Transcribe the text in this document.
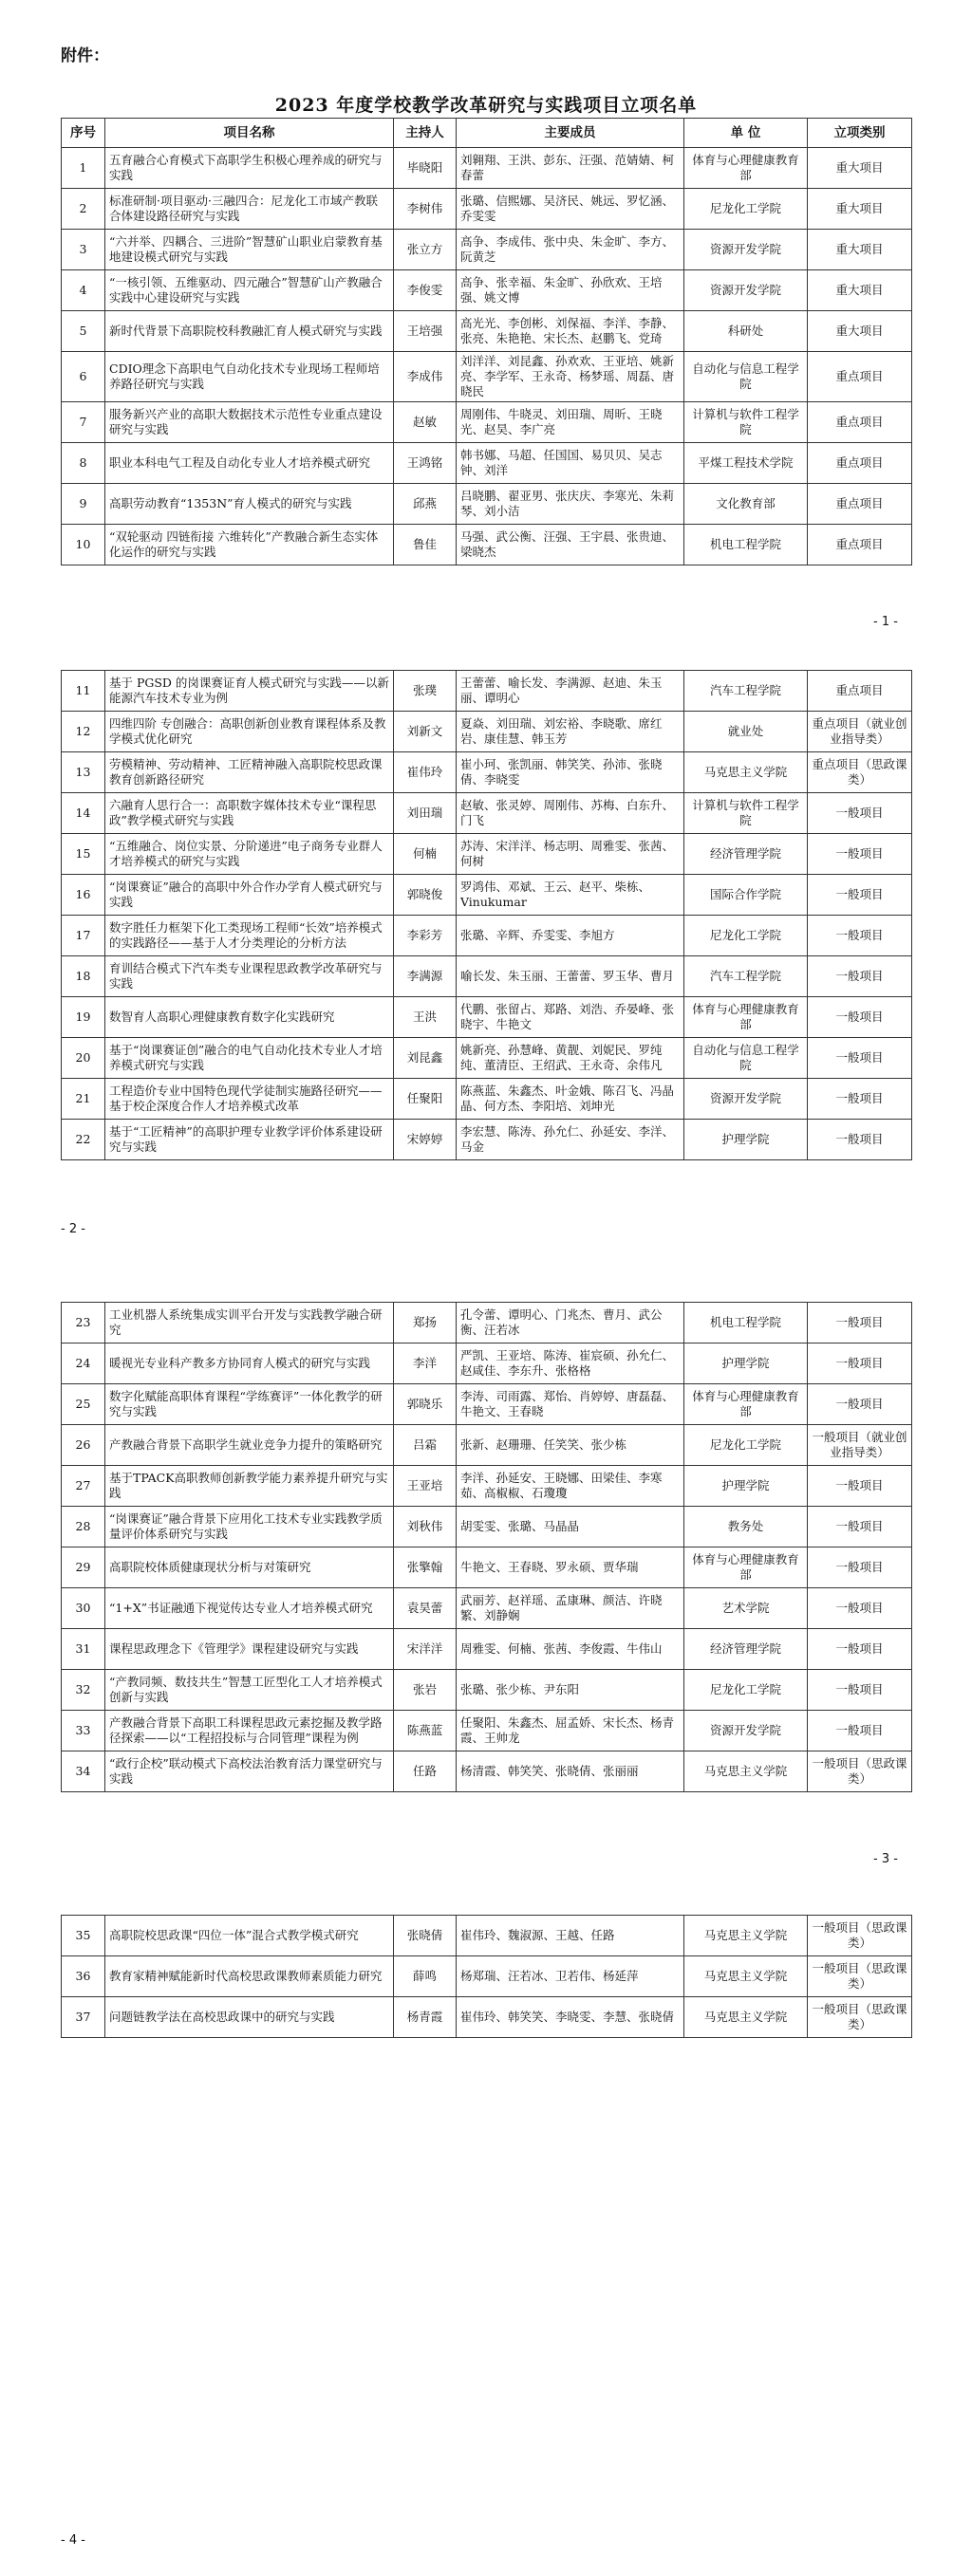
附件：
2023 年度学校教学改革研究与实践项目立项名单
序号	项目名称	主持人	主要成员	单 位	立项类别
1	五育融合心育模式下高职学生积极心理养成的研究与实践	毕晓阳	刘翱翔、王洪、彭东、汪强、范婧婧、柯春蕾	体育与心理健康教育部	重大项目
2	标准研制·项目驱动·三融四合：尼龙化工市域产教联合体建设路径研究与实践	李树伟	张璐、信熙娜、吴济民、姚远、罗忆涵、乔雯雯	尼龙化工学院	重大项目
3	“六并举、四耦合、三进阶”智慧矿山职业启蒙教育基地建设模式研究与实践	张立方	高争、李成伟、张中央、朱金旷、李方、阮黄芝	资源开发学院	重大项目
4	“一核引领、五维驱动、四元融合”智慧矿山产教融合实践中心建设研究与实践	李俊雯	高争、张幸福、朱金旷、孙欣欢、王培强、姚文博	资源开发学院	重大项目
5	新时代背景下高职院校科教融汇育人模式研究与实践	王培强	高光光、李创彬、刘保福、李洋、李静、张亮、朱艳艳、宋长杰、赵鹏飞、党琦	科研处	重大项目
6	CDIO理念下高职电气自动化技术专业现场工程师培养路径研究与实践	李成伟	刘洋洋、刘昆鑫、孙欢欢、王亚培、姚新亮、李学军、王永奇、杨梦瑶、周磊、唐晓民	自动化与信息工程学院	重点项目
7	服务新兴产业的高职大数据技术示范性专业重点建设研究与实践	赵敏	周刚伟、牛晓灵、刘田瑞、周昕、王晓光、赵昊、李广亮	计算机与软件工程学院	重点项目
8	职业本科电气工程及自动化专业人才培养模式研究	王鸿铭	韩书娜、马超、任国国、易贝贝、吴志钟、刘洋	平煤工程技术学院	重点项目
9	高职劳动教育“1353N”育人模式的研究与实践	邱燕	吕晓鹏、翟亚男、张庆庆、李寒光、朱莉琴、刘小洁	文化教育部	重点项目
10	“双轮驱动 四链衔接 六维转化”产教融合新生态实体化运作的研究与实践	鲁佳	马强、武公衡、汪强、王宇晨、张贵迪、梁晓杰	机电工程学院	重点项目
- 1 -
11	基于 PGSD 的岗课赛证育人模式研究与实践——以新能源汽车技术专业为例	张璞	王蕾蕾、喻长发、李满源、赵迪、朱玉丽、谭明心	汽车工程学院	重点项目
12	四维四阶 专创融合：高职创新创业教育课程体系及教学模式优化研究	刘新文	夏焱、刘田瑞、刘宏裕、李晓歌、席红岩、康佳慧、韩玉芳	就业处	重点项目（就业创业指导类）
13	劳模精神、劳动精神、工匠精神融入高职院校思政课教育创新路径研究	崔伟玲	崔小珂、张凯丽、韩笑笑、孙沛、张晓倩、李晓雯	马克思主义学院	重点项目（思政课类）
14	六融育人思行合一：高职数字媒体技术专业“课程思政”教学模式研究与实践	刘田瑞	赵敏、张灵婷、周刚伟、苏梅、白东升、门飞	计算机与软件工程学院	一般项目
15	“五维融合、岗位实景、分阶递进”电子商务专业群人才培养模式的研究与实践	何楠	苏涛、宋洋洋、杨志明、周雅雯、张茜、何树	经济管理学院	一般项目
16	“岗课赛证”融合的高职中外合作办学育人模式研究与实践	郭晓俊	罗鸿伟、邓斌、王云、赵平、柴栋、Vinukumar	国际合作学院	一般项目
17	数字胜任力框架下化工类现场工程师“长效”培养模式的实践路径——基于人才分类理论的分析方法	李彩芳	张璐、辛辉、乔雯雯、李旭方	尼龙化工学院	一般项目
18	育训结合模式下汽车类专业课程思政教学改革研究与实践	李满源	喻长发、朱玉丽、王蕾蕾、罗玉华、曹月	汽车工程学院	一般项目
19	数智育人高职心理健康教育数字化实践研究	王洪	代鹏、张留占、郑路、刘浩、乔晏峰、张晓宇、牛艳文	体育与心理健康教育部	一般项目
20	基于“岗课赛证创”融合的电气自动化技术专业人才培养模式研究与实践	刘昆鑫	姚新亮、孙慧峰、黄靓、刘妮民、罗纯纯、董清臣、王绍武、王永奇、余伟凡	自动化与信息工程学院	一般项目
21	工程造价专业中国特色现代学徒制实施路径研究——基于校企深度合作人才培养模式改革	任聚阳	陈燕蓝、朱鑫杰、叶金娥、陈召飞、冯晶晶、何方杰、李阳培、刘坤光	资源开发学院	一般项目
22	基于“工匠精神”的高职护理专业教学评价体系建设研究与实践	宋婷婷	李宏慧、陈涛、孙允仁、孙延安、李洋、马金	护理学院	一般项目
- 2 -
23	工业机器人系统集成实训平台开发与实践教学融合研究	郑扬	孔令蕾、谭明心、门兆杰、曹月、武公衡、汪若冰	机电工程学院	一般项目
24	暖视光专业科产教多方协同育人模式的研究与实践	李洋	严凯、王亚培、陈涛、崔宸硕、孙允仁、赵咸佳、李东升、张格格	护理学院	一般项目
25	数字化赋能高职体育课程“学练赛评”一体化教学的研究与实践	郭晓乐	李涛、司雨露、郑怡、肖婷婷、唐磊磊、牛艳文、王春晓	体育与心理健康教育部	一般项目
26	产教融合背景下高职学生就业竞争力提升的策略研究	吕霜	张新、赵珊珊、任笑笑、张少栋	尼龙化工学院	一般项目（就业创业指导类）
27	基于TPACK高职教师创新教学能力素养提升研究与实践	王亚培	李洋、孙延安、王晓娜、田梁佳、李寒茹、高椒椒、石瓊瓊	护理学院	一般项目
28	“岗课赛证”融合背景下应用化工技术专业实践教学质量评价体系研究与实践	刘秋伟	胡雯雯、张璐、马晶晶	教务处	一般项目
29	高职院校体质健康现状分析与对策研究	张擎翰	牛艳文、王春晓、罗永硕、贾华瑞	体育与心理健康教育部	一般项目
30	“1+X”书证融通下视觉传达专业人才培养模式研究	袁昊蕾	武丽芳、赵祥瑶、孟康琳、颜洁、许晓繁、刘静娴	艺术学院	一般项目
31	课程思政理念下《管理学》课程建设研究与实践	宋洋洋	周雅雯、何楠、张茜、李俊霞、牛伟山	经济管理学院	一般项目
32	“产教同频、数技共生”智慧工匠型化工人才培养模式创新与实践	张岩	张璐、张少栋、尹东阳	尼龙化工学院	一般项目
33	产教融合背景下高职工科课程思政元素挖掘及教学路径探索——以“工程招投标与合同管理”课程为例	陈燕蓝	任聚阳、朱鑫杰、屈孟娇、宋长杰、杨青霞、王帅龙	资源开发学院	一般项目
34	“政行企校”联动模式下高校法治教育活力课堂研究与实践	任路	杨清霞、韩笑笑、张晓倩、张丽丽	马克思主义学院	一般项目（思政课类）
- 3 -
35	高职院校思政课“四位一体”混合式教学模式研究	张晓倩	崔伟玲、魏淑源、王越、任路	马克思主义学院	一般项目（思政课类）
36	教育家精神赋能新时代高校思政课教师素质能力研究	薛鸣	杨郑瑞、汪若冰、卫若伟、杨延萍	马克思主义学院	一般项目（思政课类）
37	问题链教学法在高校思政课中的研究与实践	杨青霞	崔伟玲、韩笑笑、李晓雯、李慧、张晓倩	马克思主义学院	一般项目（思政课类）
- 4 -
